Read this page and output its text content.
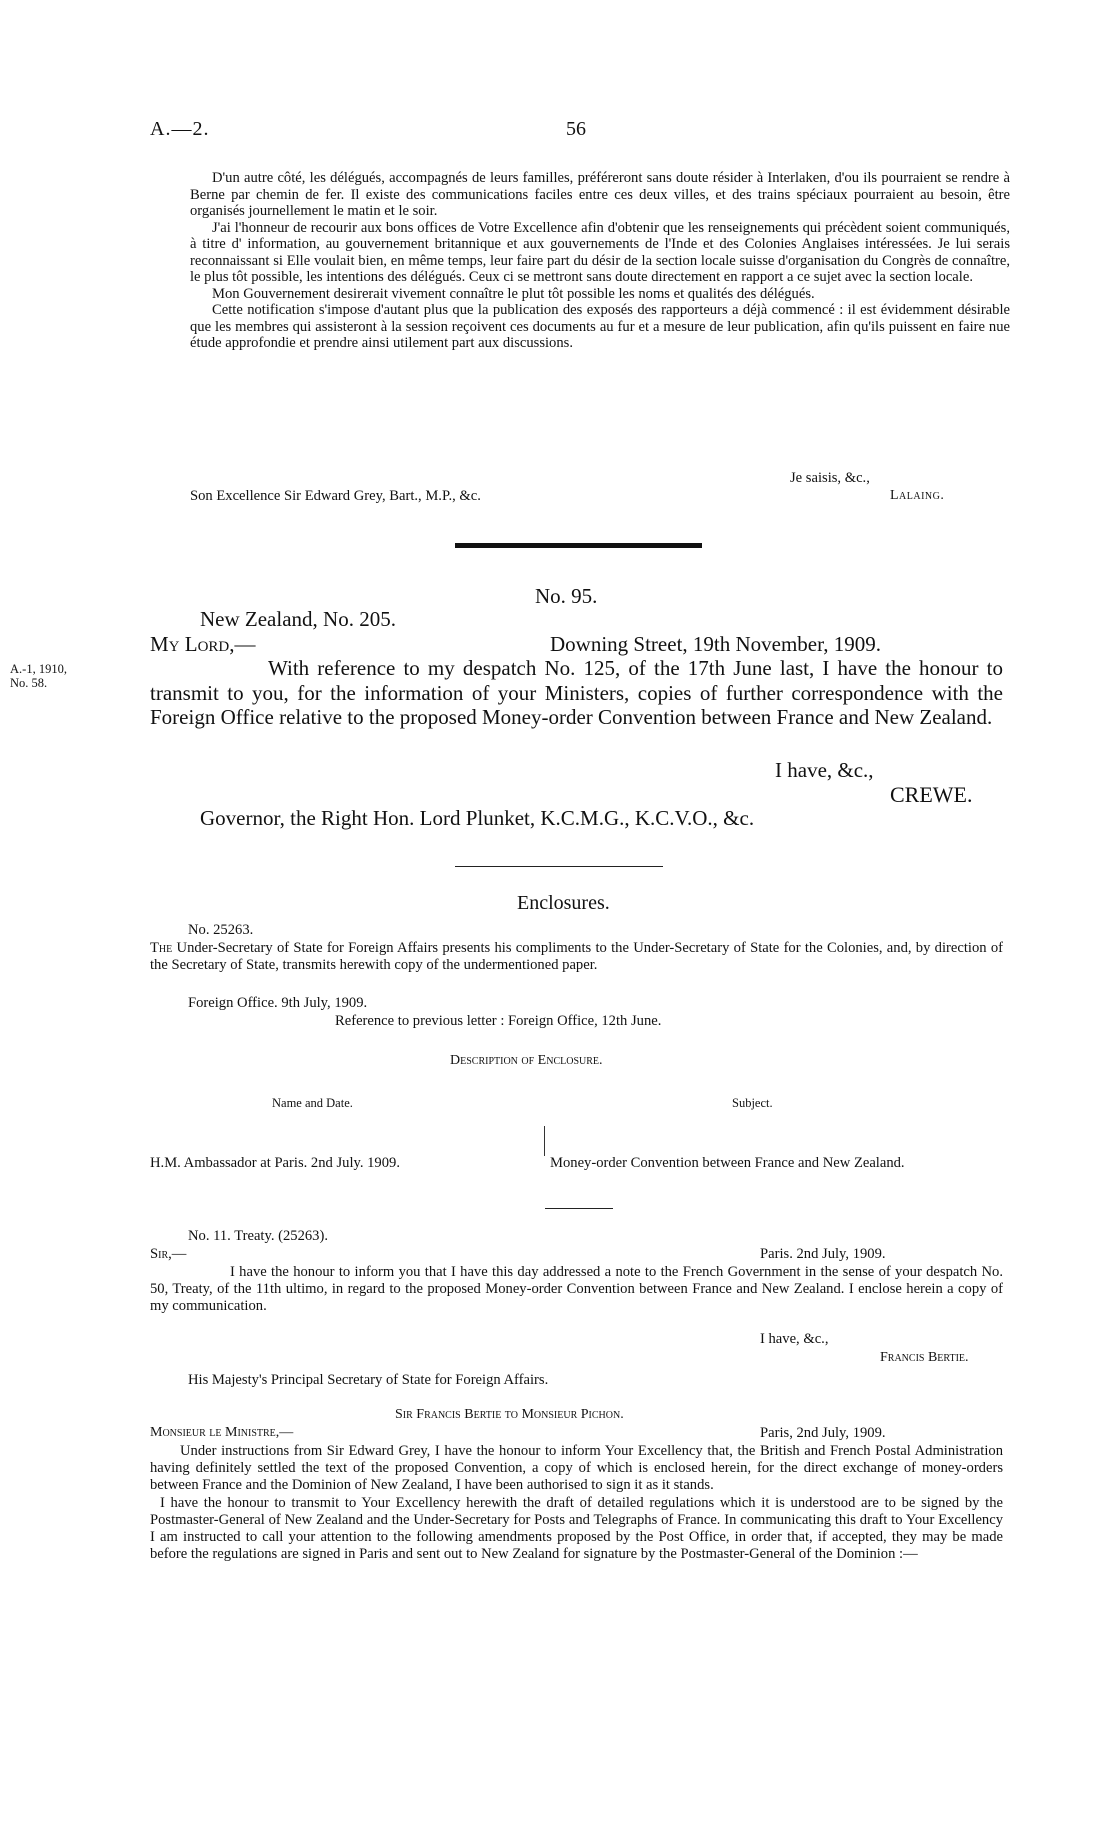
A.—2.	56

D'un autre côté, les délégués, accompagnés de leurs familles, préféreront sans doute résider à Interlaken, d'ou ils pourraient se rendre à Berne par chemin de fer. Il existe des communications faciles entre ces deux villes, et des trains spéciaux pourraient au besoin, être organisés journellement le matin et le soir.

J'ai l'honneur de recourir aux bons offices de Votre Excellence afin d'obtenir que les renseignements qui précèdent soient communiqués, à titre d' information, au gouvernement britannique et aux gouvernements de l'Inde et des Colonies Anglaises intéressées. Je lui serais reconnaissant si Elle voulait bien, en même temps, leur faire part du désir de la section locale suisse d'organisation du Congrès de connaître, le plus tôt possible, les intentions des délégués. Ceux ci se mettront sans doute directement en rapport a ce sujet avec la section locale.

Mon Gouvernement desirerait vivement connaître le plut tôt possible les noms et qualités des délégués.

Cette notification s'impose d'autant plus que la publication des exposés des rapporteurs a déjà commencé : il est évidemment désirable que les membres qui assisteront à la session reçoivent ces documents au fur et a mesure de leur publication, afin qu'ils puissent en faire nue étude approfondie et prendre ainsi utilement part aux discussions.

Je saisis, &c.,
Son Excellence Sir Edward Grey, Bart., M.P., &c.	Lalaing.
No. 95.
New Zealand, No. 205.
My Lord,—	Downing Street, 19th November, 1909.
A.-1, 1910,
No. 58.

With reference to my despatch No. 125, of the 17th June last, I have the honour to transmit to you, for the information of your Ministers, copies of further correspondence with the Foreign Office relative to the proposed Money-order Convention between France and New Zealand.

I have, &c.,
CREWE.
Governor, the Right Hon. Lord Plunket, K.C.M.G., K.C.V.O., &c.
Enclosures.
No. 25263.

The Under-Secretary of State for Foreign Affairs presents his compliments to the Under-Secretary of State for the Colonies, and, by direction of the Secretary of State, transmits herewith copy of the undermentioned paper.

Foreign Office. 9th July, 1909.
Reference to previous letter : Foreign Office, 12th June.
Description of Enclosure.
Name and Date.	Subject.
H.M. Ambassador at Paris. 2nd July. 1909.	Money-order Convention between France and New Zealand.
No. 11. Treaty. (25263).
Sir,—	Paris. 2nd July, 1909.

I have the honour to inform you that I have this day addressed a note to the French Government in the sense of your despatch No. 50, Treaty, of the 11th ultimo, in regard to the proposed Money-order Convention between France and New Zealand. I enclose herein a copy of my communication.

I have, &c.,
Francis Bertie.
His Majesty's Principal Secretary of State for Foreign Affairs.
Sir Francis Bertie to Monsieur Pichon.
Monsieur le Ministre,—	Paris, 2nd July, 1909.

Under instructions from Sir Edward Grey, I have the honour to inform Your Excellency that, the British and French Postal Administration having definitely settled the text of the proposed Convention, a copy of which is enclosed herein, for the direct exchange of money-orders between France and the Dominion of New Zealand, I have been authorised to sign it as it stands.

I have the honour to transmit to Your Excellency herewith the draft of detailed regulations which it is understood are to be signed by the Postmaster-General of New Zealand and the Under-Secretary for Posts and Telegraphs of France. In communicating this draft to Your Excellency I am instructed to call your attention to the following amendments proposed by the Post Office, in order that, if accepted, they may be made before the regulations are signed in Paris and sent out to New Zealand for signature by the Postmaster-General of the Dominion :—
